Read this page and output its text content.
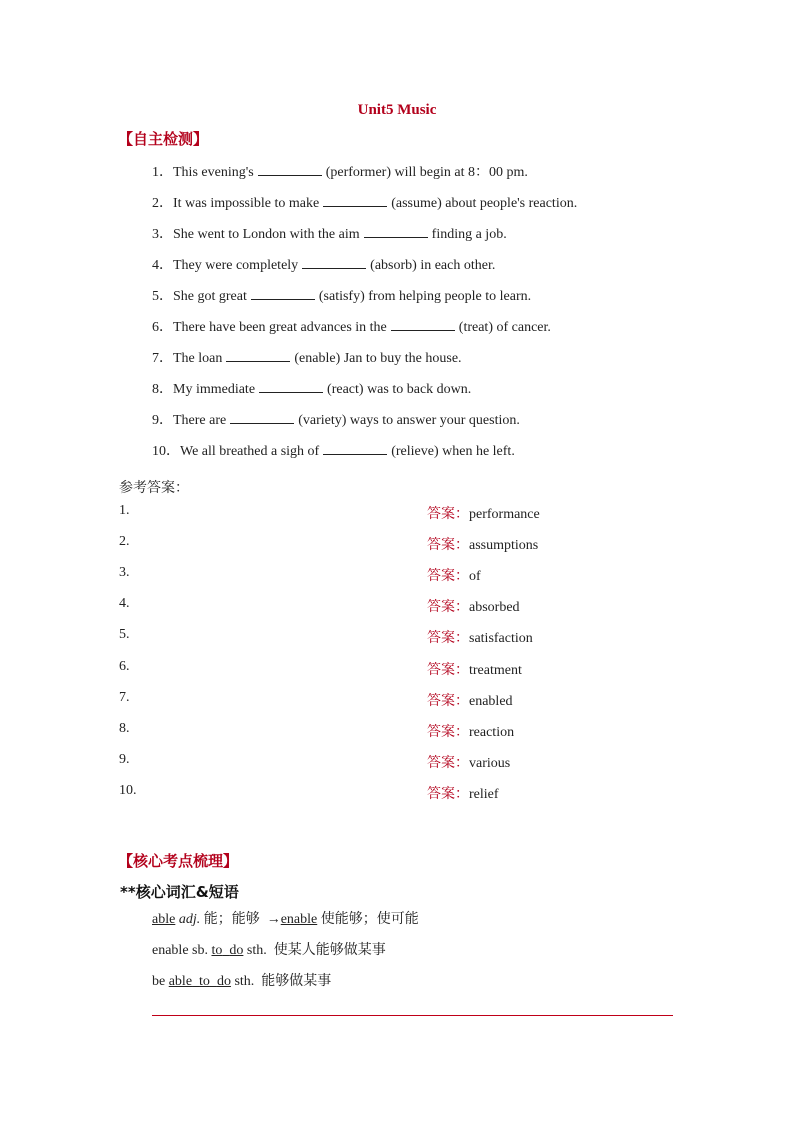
Unit5 Music
【自主检测】
1．This evening's	(performer) will begin at 8：00 pm.
2．It was impossible to make	(assume) about people's reaction.
3．She went to London with the aim	finding a job.
4．They were completely	(absorb) in each other.
5．She got great	(satisfy) from helping people to learn.
6．There have been great advances in the	(treat) of cancer.
7．The loan	(enable) Jan to buy the house.
8．My immediate	(react) was to back down.
9．There are	(variety) ways to answer your question.
10．We all breathed a sigh of	(relieve) when he left.
参考答案：
1.	答案：performance
2.	答案：assumptions
3.	答案：of
4.	答案：absorbed
5.	答案：satisfaction
6.	答案：treatment
7.	答案：enabled
8.	答案：reaction
9.	答案：various
10.	答案：relief
【核心考点梳理】
**核心词汇&短语
able adj. 能；能够 →enable 使能够；使可能
enable sb. to do sth. 使某人能够做某事
be able to do sth. 能够做某事
